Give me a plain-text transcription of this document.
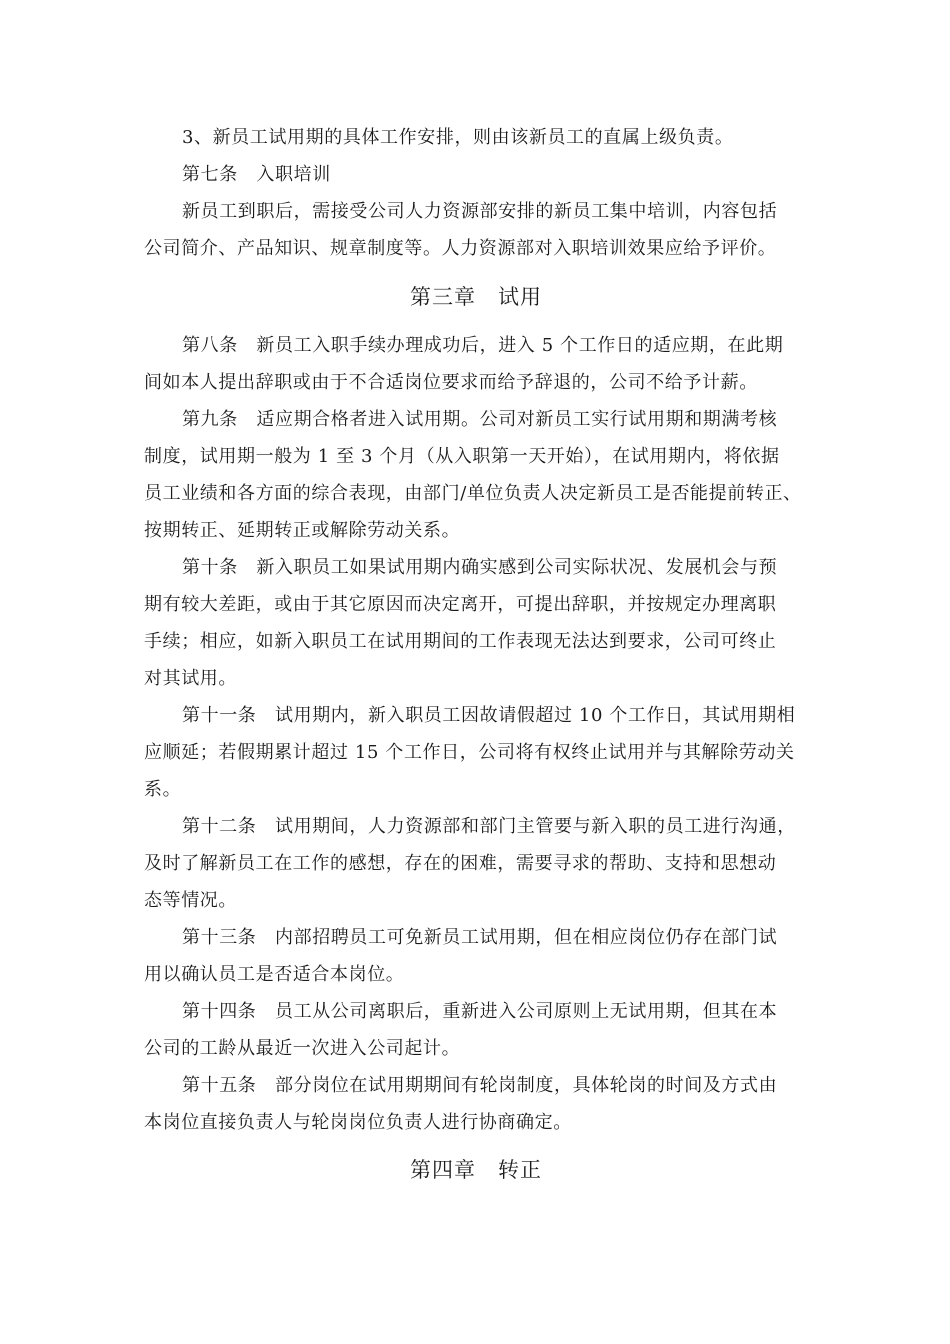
3、新员工试用期的具体工作安排，则由该新员工的直属上级负责。
第七条　入职培训
新员工到职后，需接受公司人力资源部安排的新员工集中培训，内容包括
公司简介、产品知识、规章制度等。人力资源部对入职培训效果应给予评价。
第三章　试用
第八条　新员工入职手续办理成功后，进入 5 个工作日的适应期，在此期
间如本人提出辞职或由于不合适岗位要求而给予辞退的，公司不给予计薪。
第九条　适应期合格者进入试用期。公司对新员工实行试用期和期满考核
制度，试用期一般为 1 至 3 个月（从入职第一天开始），在试用期内，将依据
员工业绩和各方面的综合表现，由部门/单位负责人决定新员工是否能提前转正、
按期转正、延期转正或解除劳动关系。
第十条　新入职员工如果试用期内确实感到公司实际状况、发展机会与预
期有较大差距，或由于其它原因而决定离开，可提出辞职，并按规定办理离职
手续；相应，如新入职员工在试用期间的工作表现无法达到要求，公司可终止
对其试用。
第十一条　试用期内，新入职员工因故请假超过 10 个工作日，其试用期相
应顺延；若假期累计超过 15 个工作日，公司将有权终止试用并与其解除劳动关
系。
第十二条　试用期间，人力资源部和部门主管要与新入职的员工进行沟通，
及时了解新员工在工作的感想，存在的困难，需要寻求的帮助、支持和思想动
态等情况。
第十三条　内部招聘员工可免新员工试用期，但在相应岗位仍存在部门试
用以确认员工是否适合本岗位。
第十四条　员工从公司离职后，重新进入公司原则上无试用期，但其在本
公司的工龄从最近一次进入公司起计。
第十五条　部分岗位在试用期期间有轮岗制度，具体轮岗的时间及方式由
本岗位直接负责人与轮岗岗位负责人进行协商确定。
第四章　转正
